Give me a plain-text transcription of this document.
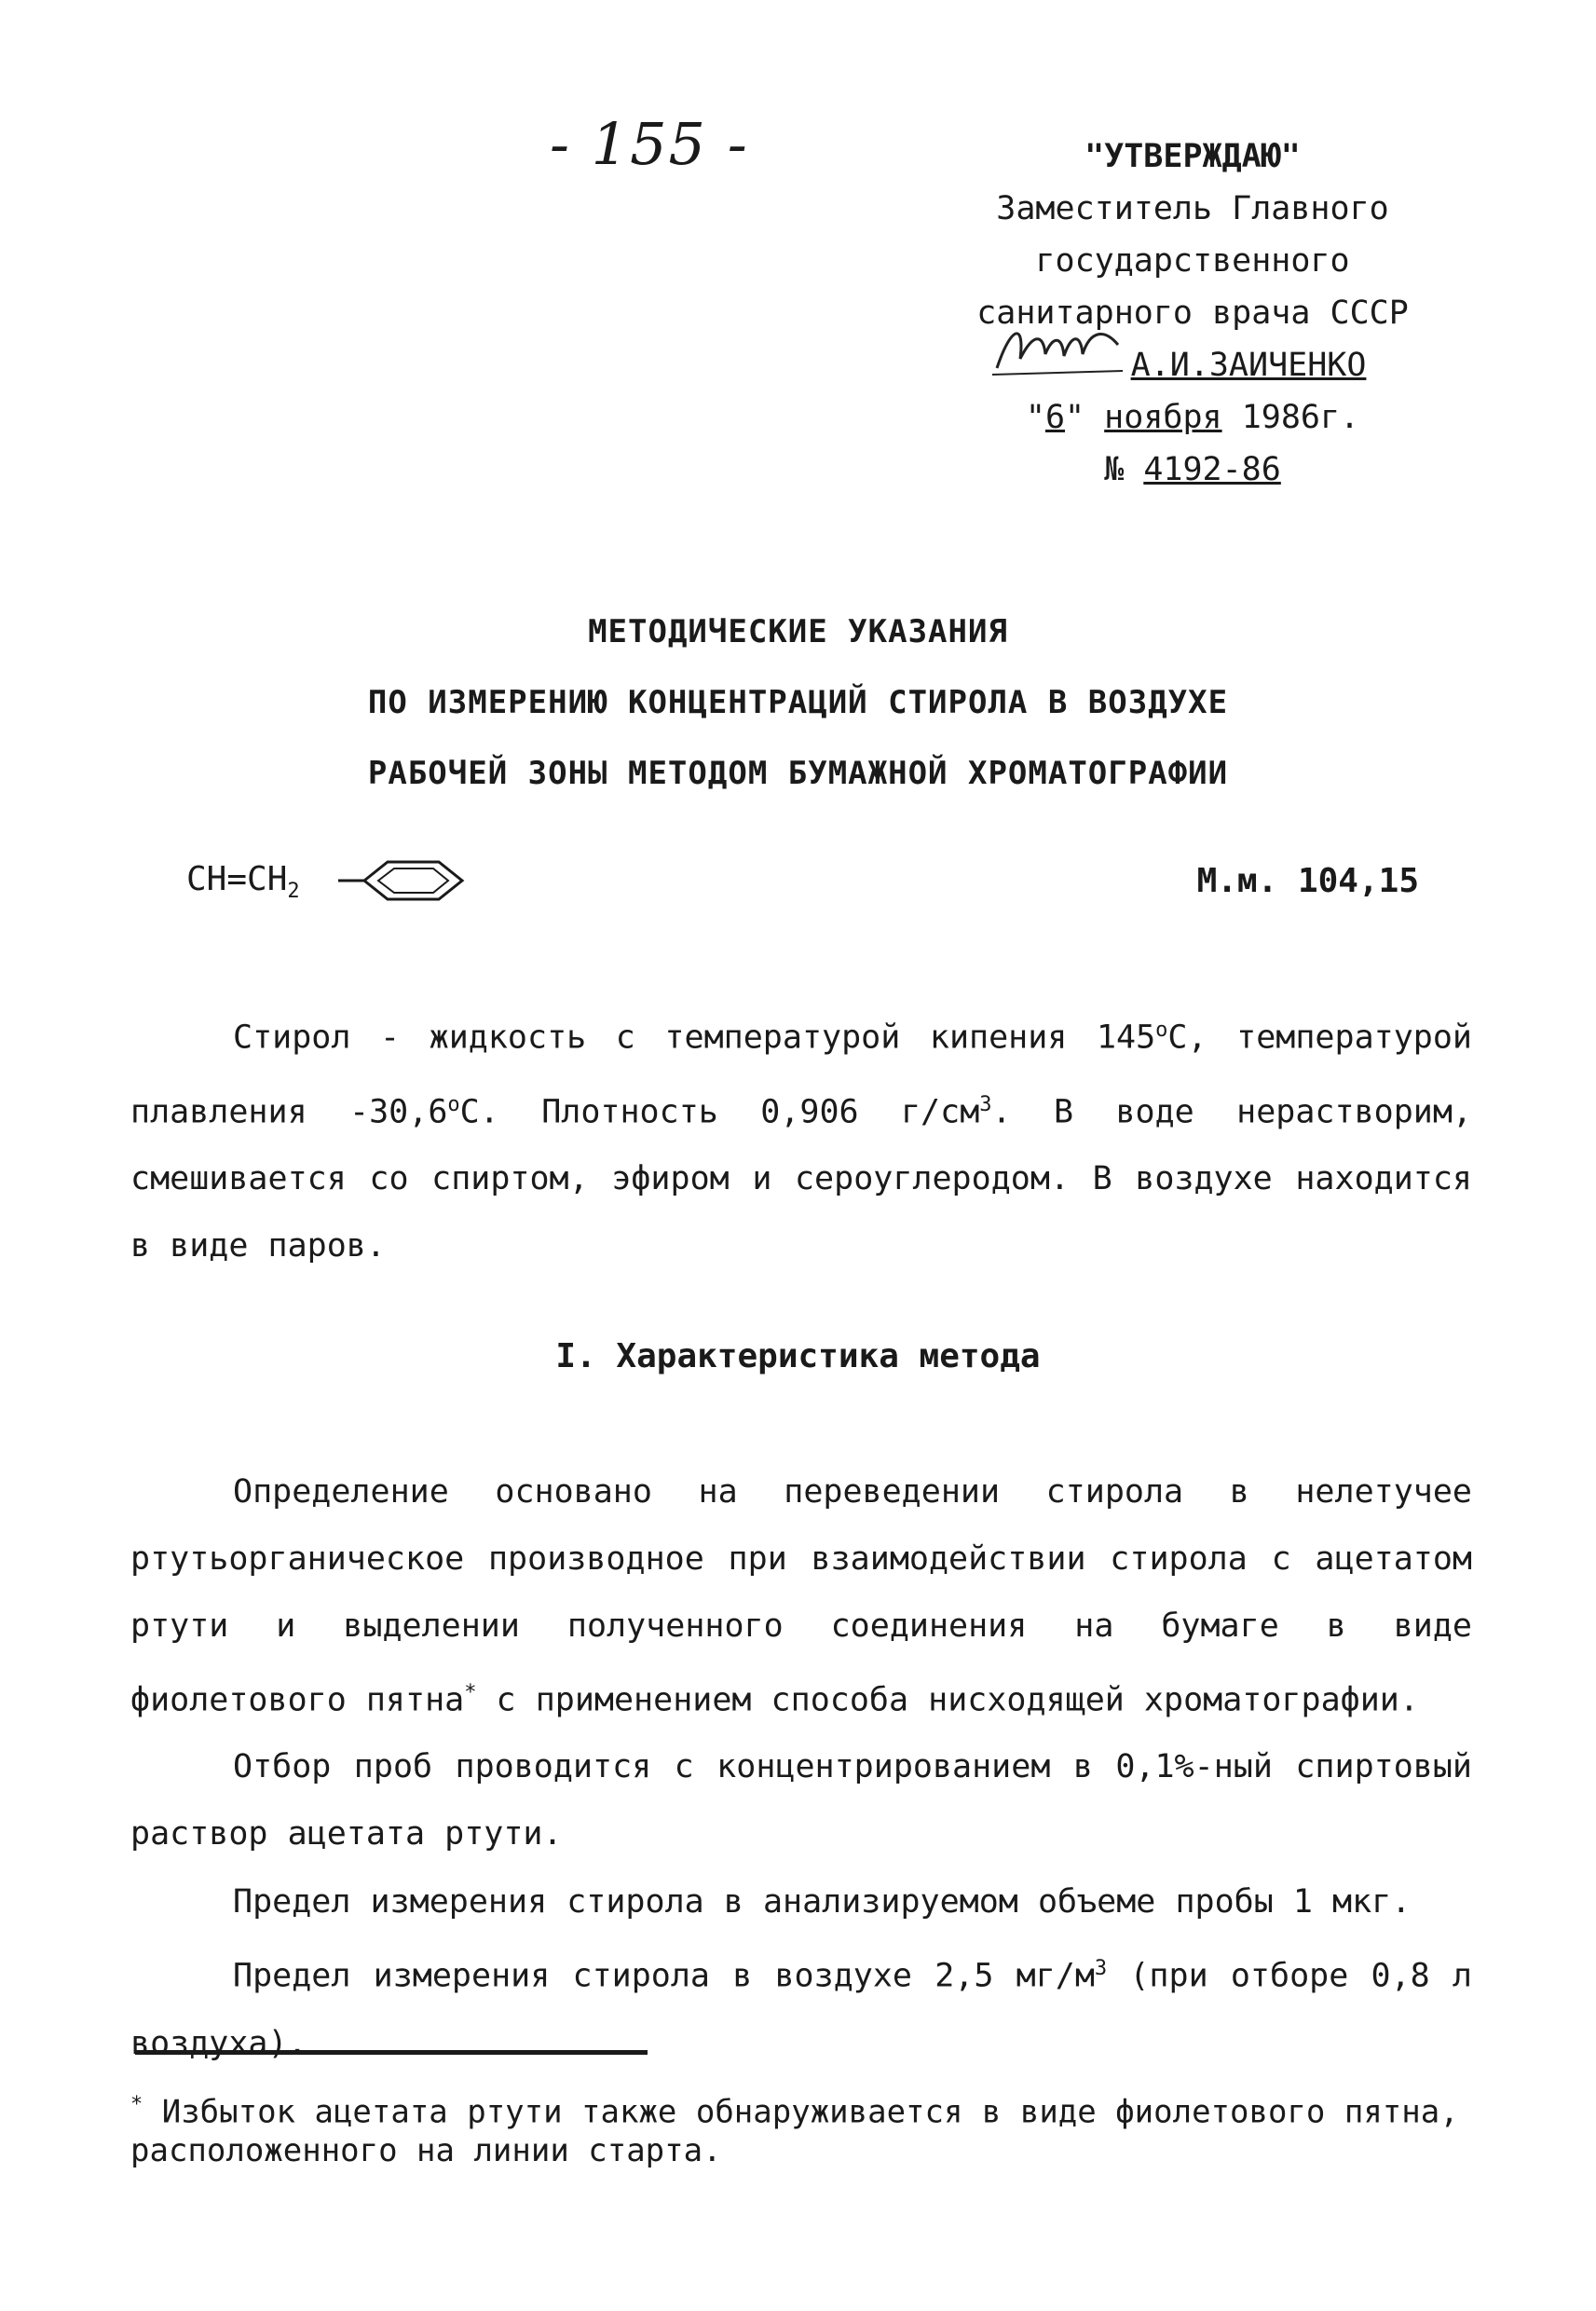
- 155 -	"УТВЕРЖДАЮ"
Заместитель Главного
государственного
санитарного врача СССР
А.И.ЗАИЧЕНКО
"6" ноября 1986г.
№ 4192-86
МЕТОДИЧЕСКИЕ УКАЗАНИЯ
ПО ИЗМЕРЕНИЮ КОНЦЕНТРАЦИЙ СТИРОЛА В ВОЗДУХЕ
РАБОЧЕЙ ЗОНЫ МЕТОДОМ БУМАЖНОЙ ХРОМАТОГРАФИИ
$CH=CH_2$	М.м. 104,15
Стирол - жидкость с температурой кипения $145^оС$, температурой плавления $-30,6^оС$. Плотность 0,906 $г/см^3$. В воде нерастворим, смешивается со спиртом, эфиром и сероуглеродом. В воздухе находится в виде паров.
I. Характеристика метода
Определение основано на переведении стирола в нелетучее ртутьорганическое производное при взаимодействии стирола с ацетатом ртути и выделении полученного соединения на бумаге в виде фиолетового пятна* с применением способа нисходящей хроматографии.
Отбор проб проводится с концентрированием в 0,1%-ный спиртовый раствор ацетата ртути.
Предел измерения стирола в анализируемом объеме пробы 1 мкг.
Предел измерения стирола в воздухе 2,5 $мг/м^3$ (при отборе 0,8 л воздуха).
* Избыток ацетата ртути также обнаруживается в виде фиолетового пятна, расположенного на линии старта.
